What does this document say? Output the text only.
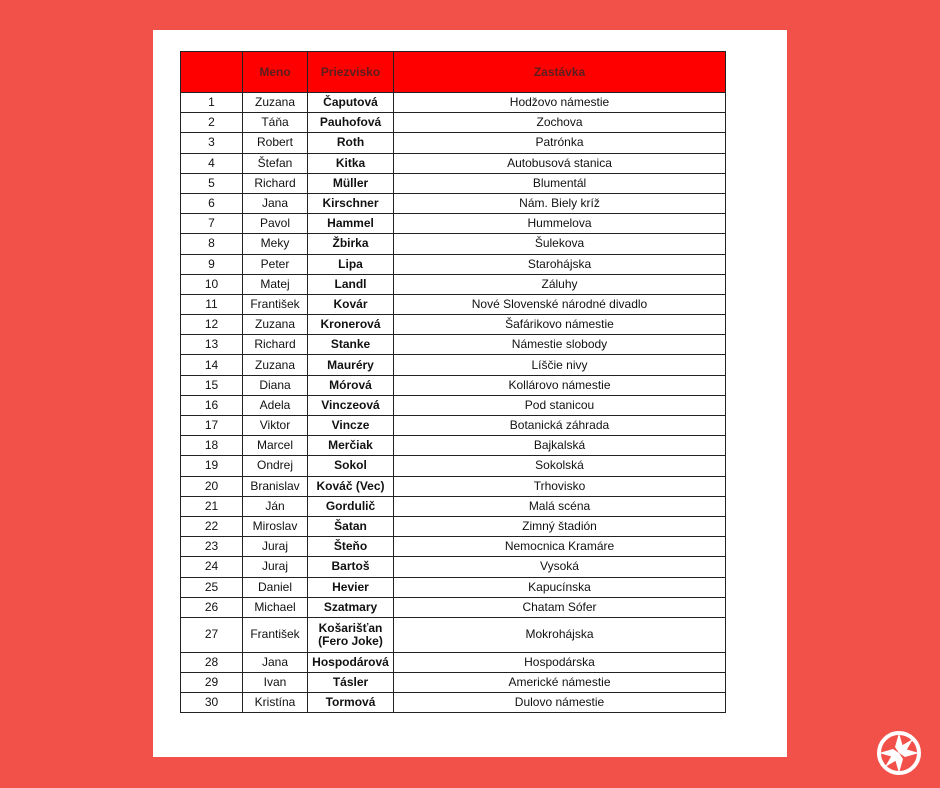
	Meno	Priezvisko	Zastávka
1	Zuzana	Čaputová	Hodžovo námestie
2	Táňa	Pauhofová	Zochova
3	Robert	Roth	Patrónka
4	Štefan	Kitka	Autobusová stanica
5	Richard	Müller	Blumentál
6	Jana	Kirschner	Nám. Biely kríž
7	Pavol	Hammel	Hummelova
8	Meky	Žbirka	Šulekova
9	Peter	Lipa	Starohájska
10	Matej	Landl	Záluhy
11	František	Kovár	Nové Slovenské národné divadlo
12	Zuzana	Kronerová	Šafárikovo námestie
13	Richard	Stanke	Námestie slobody
14	Zuzana	Mauréry	Líščie nivy
15	Diana	Mórová	Kollárovo námestie
16	Adela	Vinczeová	Pod stanicou
17	Viktor	Vincze	Botanická záhrada
18	Marcel	Merčiak	Bajkalská
19	Ondrej	Sokol	Sokolská
20	Branislav	Kováč (Vec)	Trhovisko
21	Ján	Gordulič	Malá scéna
22	Miroslav	Šatan	Zimný štadión
23	Juraj	Šteňo	Nemocnica Kramáre
24	Juraj	Bartoš	Vysoká
25	Daniel	Hevier	Kapucínska
26	Michael	Szatmary	Chatam Sófer
27	František	Košarišťan (Fero Joke)	Mokrohájska
28	Jana	Hospodárová	Hospodárska
29	Ivan	Tásler	Americké námestie
30	Kristína	Tormová	Dulovo námestie
